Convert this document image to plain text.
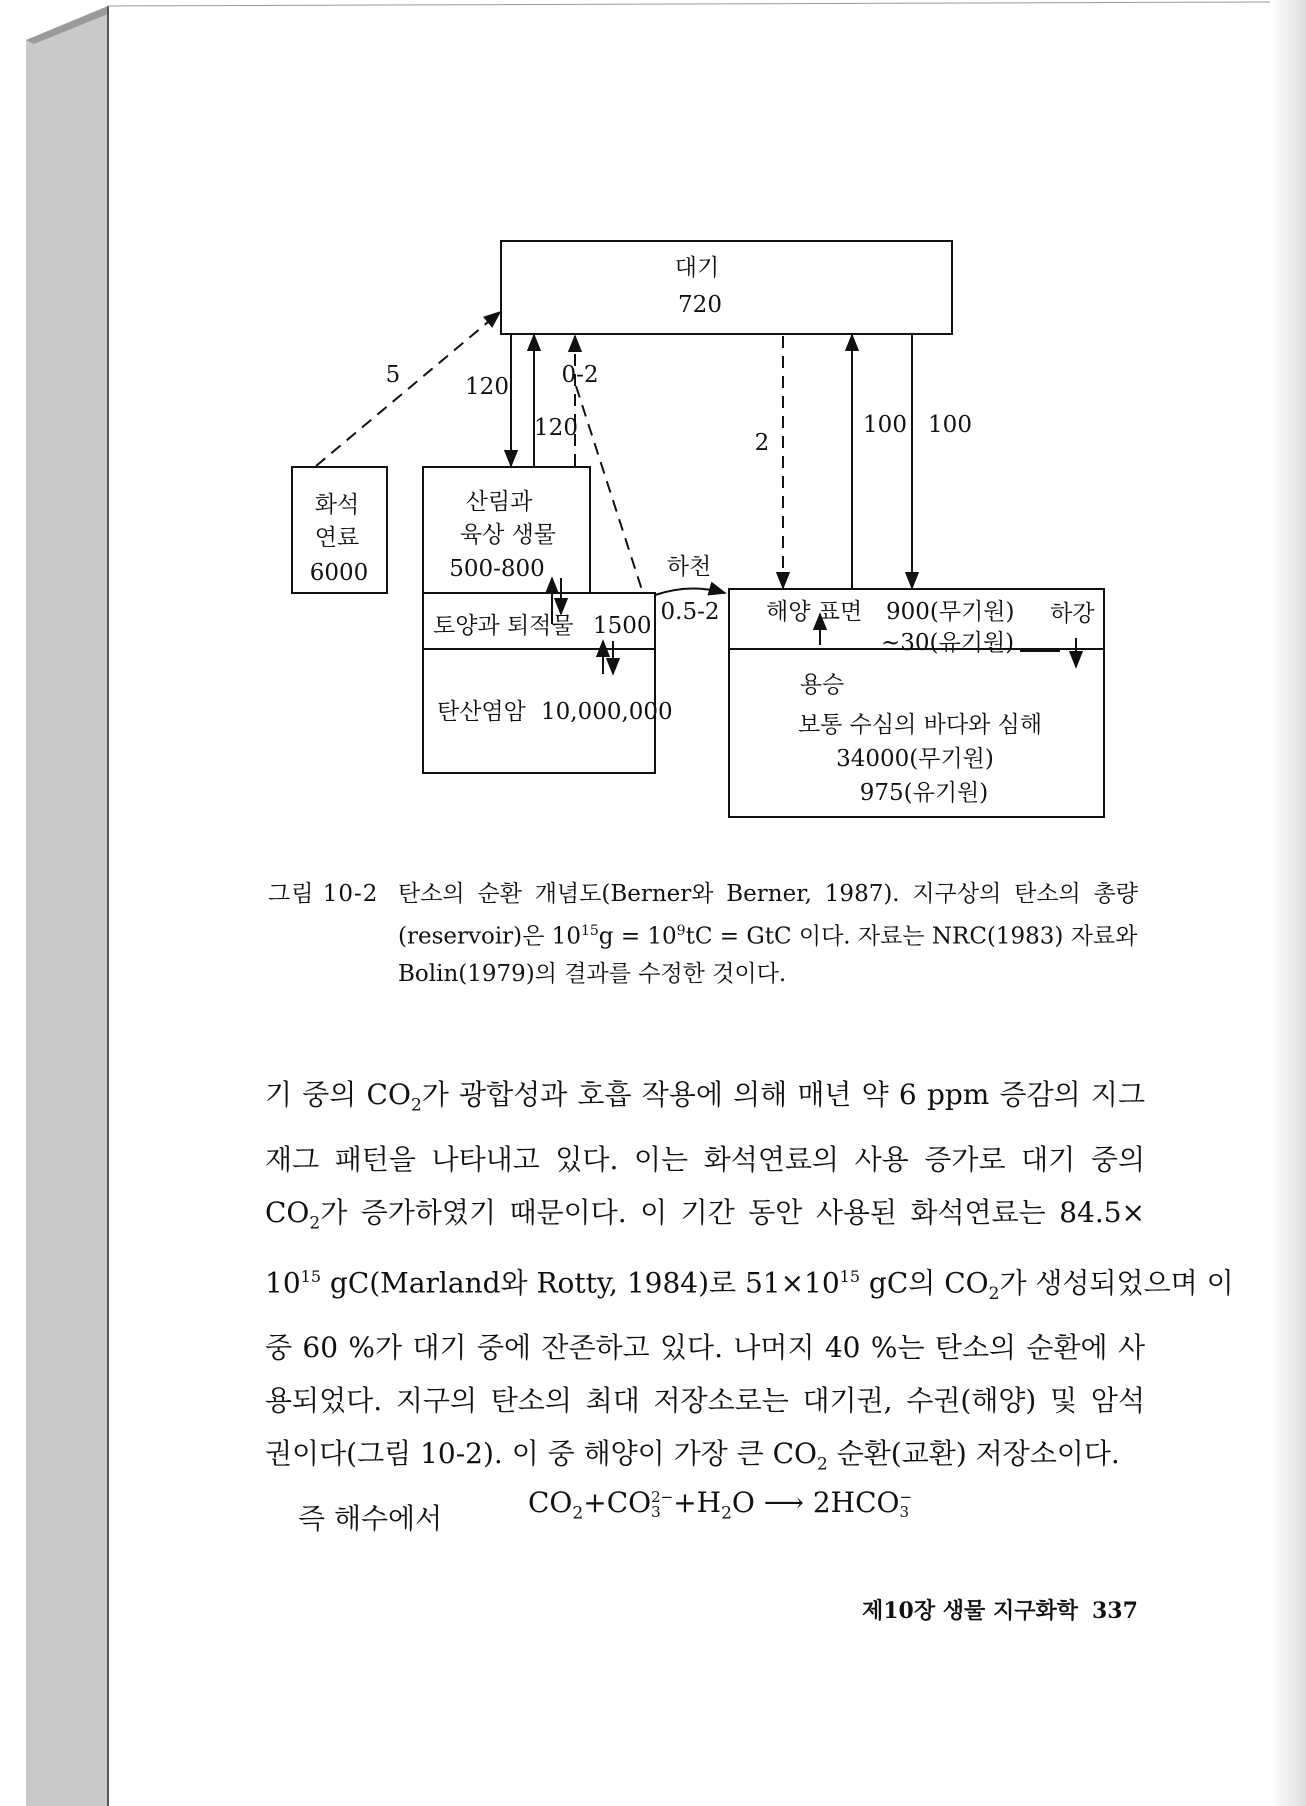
대기
720
화석
연료
6000
산림과
육상 생물
500-800
토양과 퇴적물 1500
탄산염암 10,000,000
해양 표면 900(무기원)
~30(유기원)
하강
용승
보통 수심의 바다와 심해
34000(무기원)
975(유기원)
5	120
120
0-2
2
100 100
하천
0.5-2
그림 10-2 탄소의 순환 개념도(Berner와 Berner, 1987). 지구상의 탄소의 총량
(reservoir)은 $10^{15}g = 10^9tC$ = GtC 이다. 자료는 NRC(1983) 자료와
Bolin(1979)의 결과를 수정한 것이다.
기 중의 $CO_2$가 광합성과 호흡 작용에 의해 매년 약 6 ppm 증감의 지그
재그 패턴을 나타내고 있다. 이는 화석연료의 사용 증가로 대기 중의
$CO_2$가 증가하였기 때문이다. 이 기간 동안 사용된 화석연료는 84.5×
$10^{15}$ gC(Marland와 Rotty, 1984)로 $51\times 10^{15}$ gC의 $CO_2$가 생성되었으며 이
중 60 %가 대기 중에 잔존하고 있다. 나머지 40 %는 탄소의 순환에 사
용되었다. 지구의 탄소의 최대 저장소로는 대기권, 수권(해양) 및 암석
권이다(그림 10-2). 이 중 해양이 가장 큰 $CO_2$ 순환(교환) 저장소이다.
즉 해수에서	$CO_2+CO$ 2−
$3 +H_2O$ ⟶ 2HCO −
3
제10장 생물 지구화학 337
